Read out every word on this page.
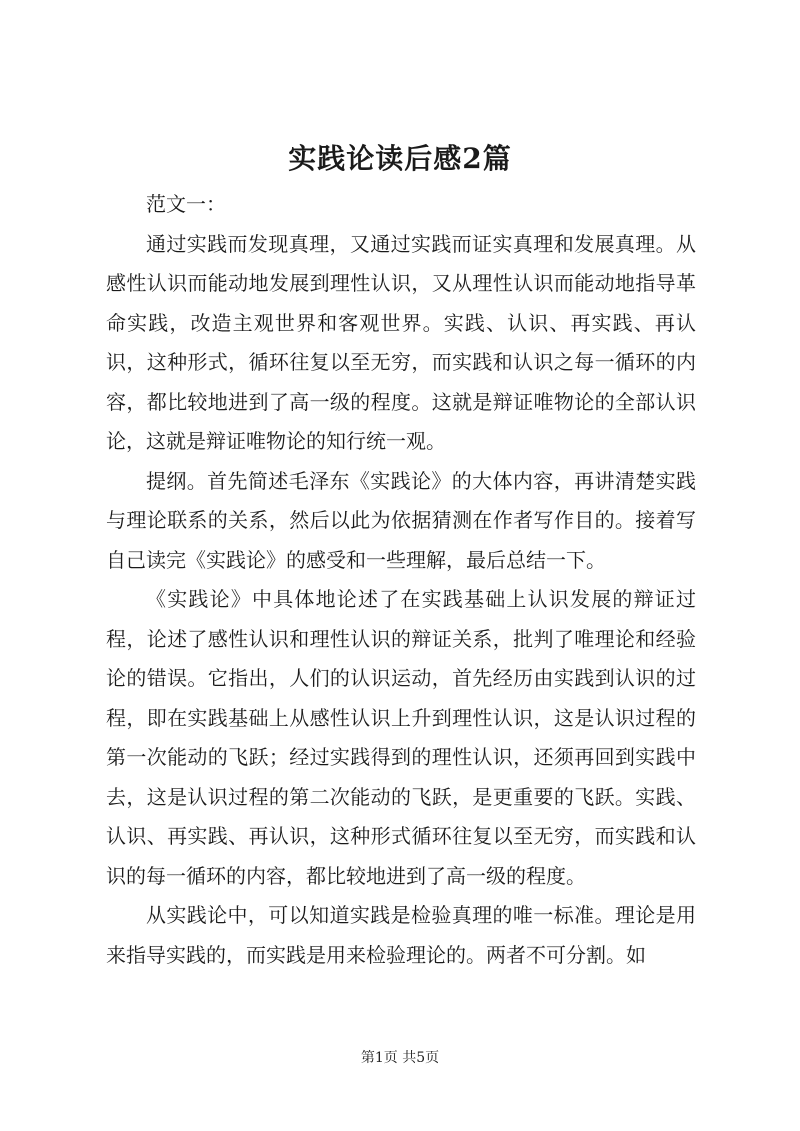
实践论读后感2篇

范文一：

通过实践而发现真理，又通过实践而证实真理和发展真理。从感性认识而能动地发展到理性认识，又从理性认识而能动地指导革命实践，改造主观世界和客观世界。实践、认识、再实践、再认识，这种形式，循环往复以至无穷，而实践和认识之每一循环的内容，都比较地进到了高一级的程度。这就是辩证唯物论的全部认识论，这就是辩证唯物论的知行统一观。

提纲。首先简述毛泽东《实践论》的大体内容，再讲清楚实践与理论联系的关系，然后以此为依据猜测在作者写作目的。接着写自己读完《实践论》的感受和一些理解，最后总结一下。

《实践论》中具体地论述了在实践基础上认识发展的辩证过程，论述了感性认识和理性认识的辩证关系，批判了唯理论和经验论的错误。它指出，人们的认识运动，首先经历由实践到认识的过程，即在实践基础上从感性认识上升到理性认识，这是认识过程的第一次能动的飞跃；经过实践得到的理性认识，还须再回到实践中去，这是认识过程的第二次能动的飞跃，是更重要的飞跃。实践、认识、再实践、再认识，这种形式循环往复以至无穷，而实践和认识的每一循环的内容，都比较地进到了高一级的程度。

从实践论中，可以知道实践是检验真理的唯一标准。理论是用来指导实践的，而实践是用来检验理论的。两者不可分割。如

第1页 共5页
